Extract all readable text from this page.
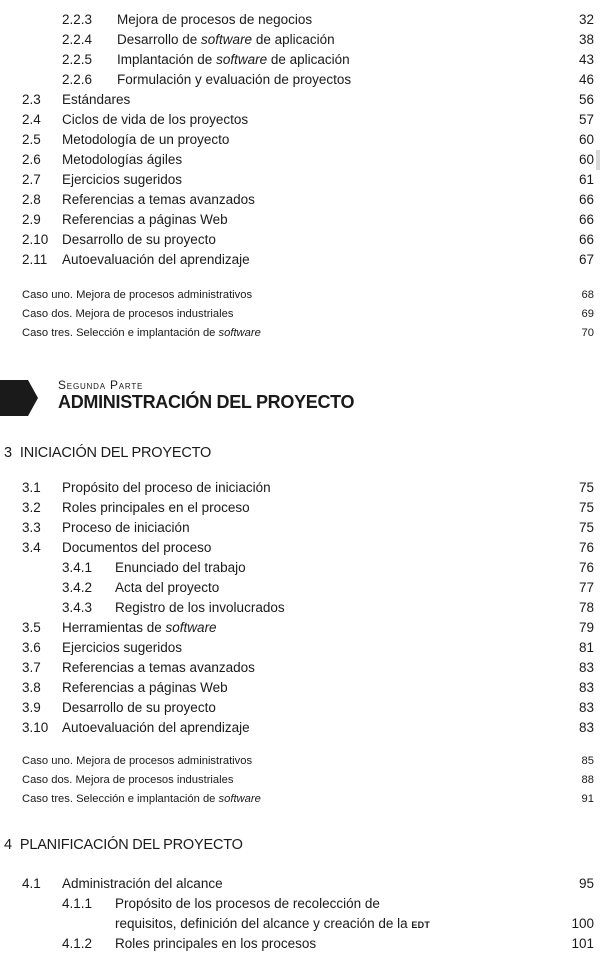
2.2.3 Mejora de procesos de negocios	32
2.2.4 Desarrollo de software de aplicación	38
2.2.5 Implantación de software de aplicación	43
2.2.6 Formulación y evaluación de proyectos	46
2.3 Estándares	56
2.4 Ciclos de vida de los proyectos	57
2.5 Metodología de un proyecto	60
2.6 Metodologías ágiles	60
2.7 Ejercicios sugeridos	61
2.8 Referencias a temas avanzados	66
2.9 Referencias a páginas Web	66
2.10 Desarrollo de su proyecto	66
2.11 Autoevaluación del aprendizaje	67
Caso uno. Mejora de procesos administrativos	68
Caso dos. Mejora de procesos industriales	69
Caso tres. Selección e implantación de software	70
Segunda Parte
ADMINISTRACIÓN DEL PROYECTO
3 INICIACIÓN DEL PROYECTO
3.1 Propósito del proceso de iniciación	75
3.2 Roles principales en el proceso	75
3.3 Proceso de iniciación	75
3.4 Documentos del proceso	76
3.4.1 Enunciado del trabajo	76
3.4.2 Acta del proyecto	77
3.4.3 Registro de los involucrados	78
3.5 Herramientas de software	79
3.6 Ejercicios sugeridos	81
3.7 Referencias a temas avanzados	83
3.8 Referencias a páginas Web	83
3.9 Desarrollo de su proyecto	83
3.10 Autoevaluación del aprendizaje	83
Caso uno. Mejora de procesos administrativos	85
Caso dos. Mejora de procesos industriales	88
Caso tres. Selección e implantación de software	91
4 PLANIFICACIÓN DEL PROYECTO
4.1 Administración del alcance	95
4.1.1 Propósito de los procesos de recolección de
requisitos, definición del alcance y creación de la EDT	100
4.1.2 Roles principales en los procesos	101
